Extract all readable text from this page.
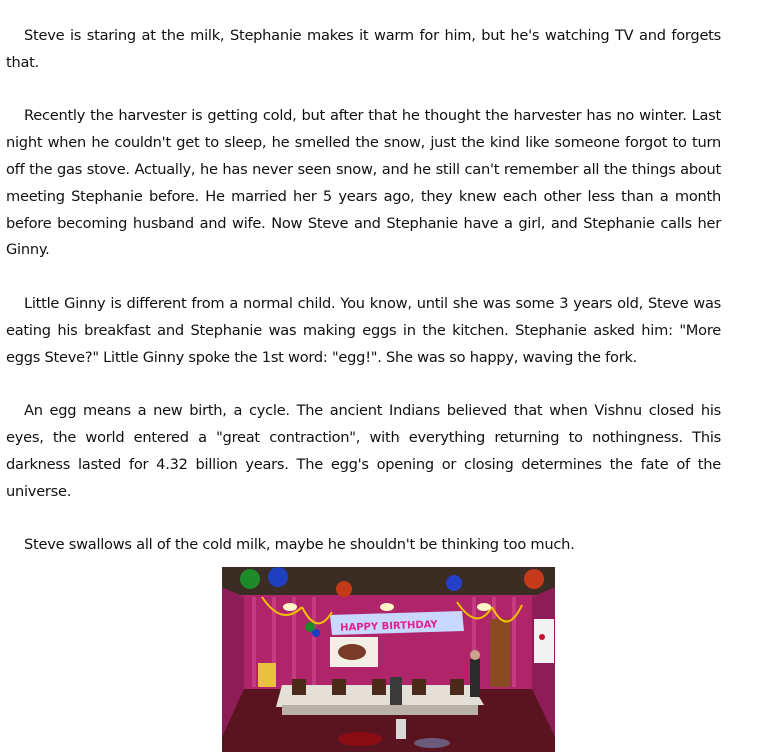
Steve is staring at the milk, Stephanie makes it warm for him, but he's watching TV and forgets that.

Recently the harvester is getting cold, but after that he thought the harvester has no winter. Last night when he couldn't get to sleep, he smelled the snow, just the kind like someone forgot to turn off the gas stove. Actually, he has never seen snow, and he still can't remember all the things about meeting Stephanie before. He married her 5 years ago, they knew each other less than a month before becoming husband and wife. Now Steve and Stephanie have a girl, and Stephanie calls her Ginny.

Little Ginny is different from a normal child. You know, until she was some 3 years old, Steve was eating his breakfast and Stephanie was making eggs in the kitchen. Stephanie asked him: "More eggs Steve?" Little Ginny spoke the 1st word: "egg!". She was so happy, waving the fork.

An egg means a new birth, a cycle. The ancient Indians believed that when Vishnu closed his eyes, the world entered a "great contraction", with everything returning to nothingness. This darkness lasted for 4.32 billion years. The egg's opening or closing determines the fate of the universe.

Steve swallows all of the cold milk, maybe he shouldn't be thinking too much.

HAPPY BIRTHDAY
